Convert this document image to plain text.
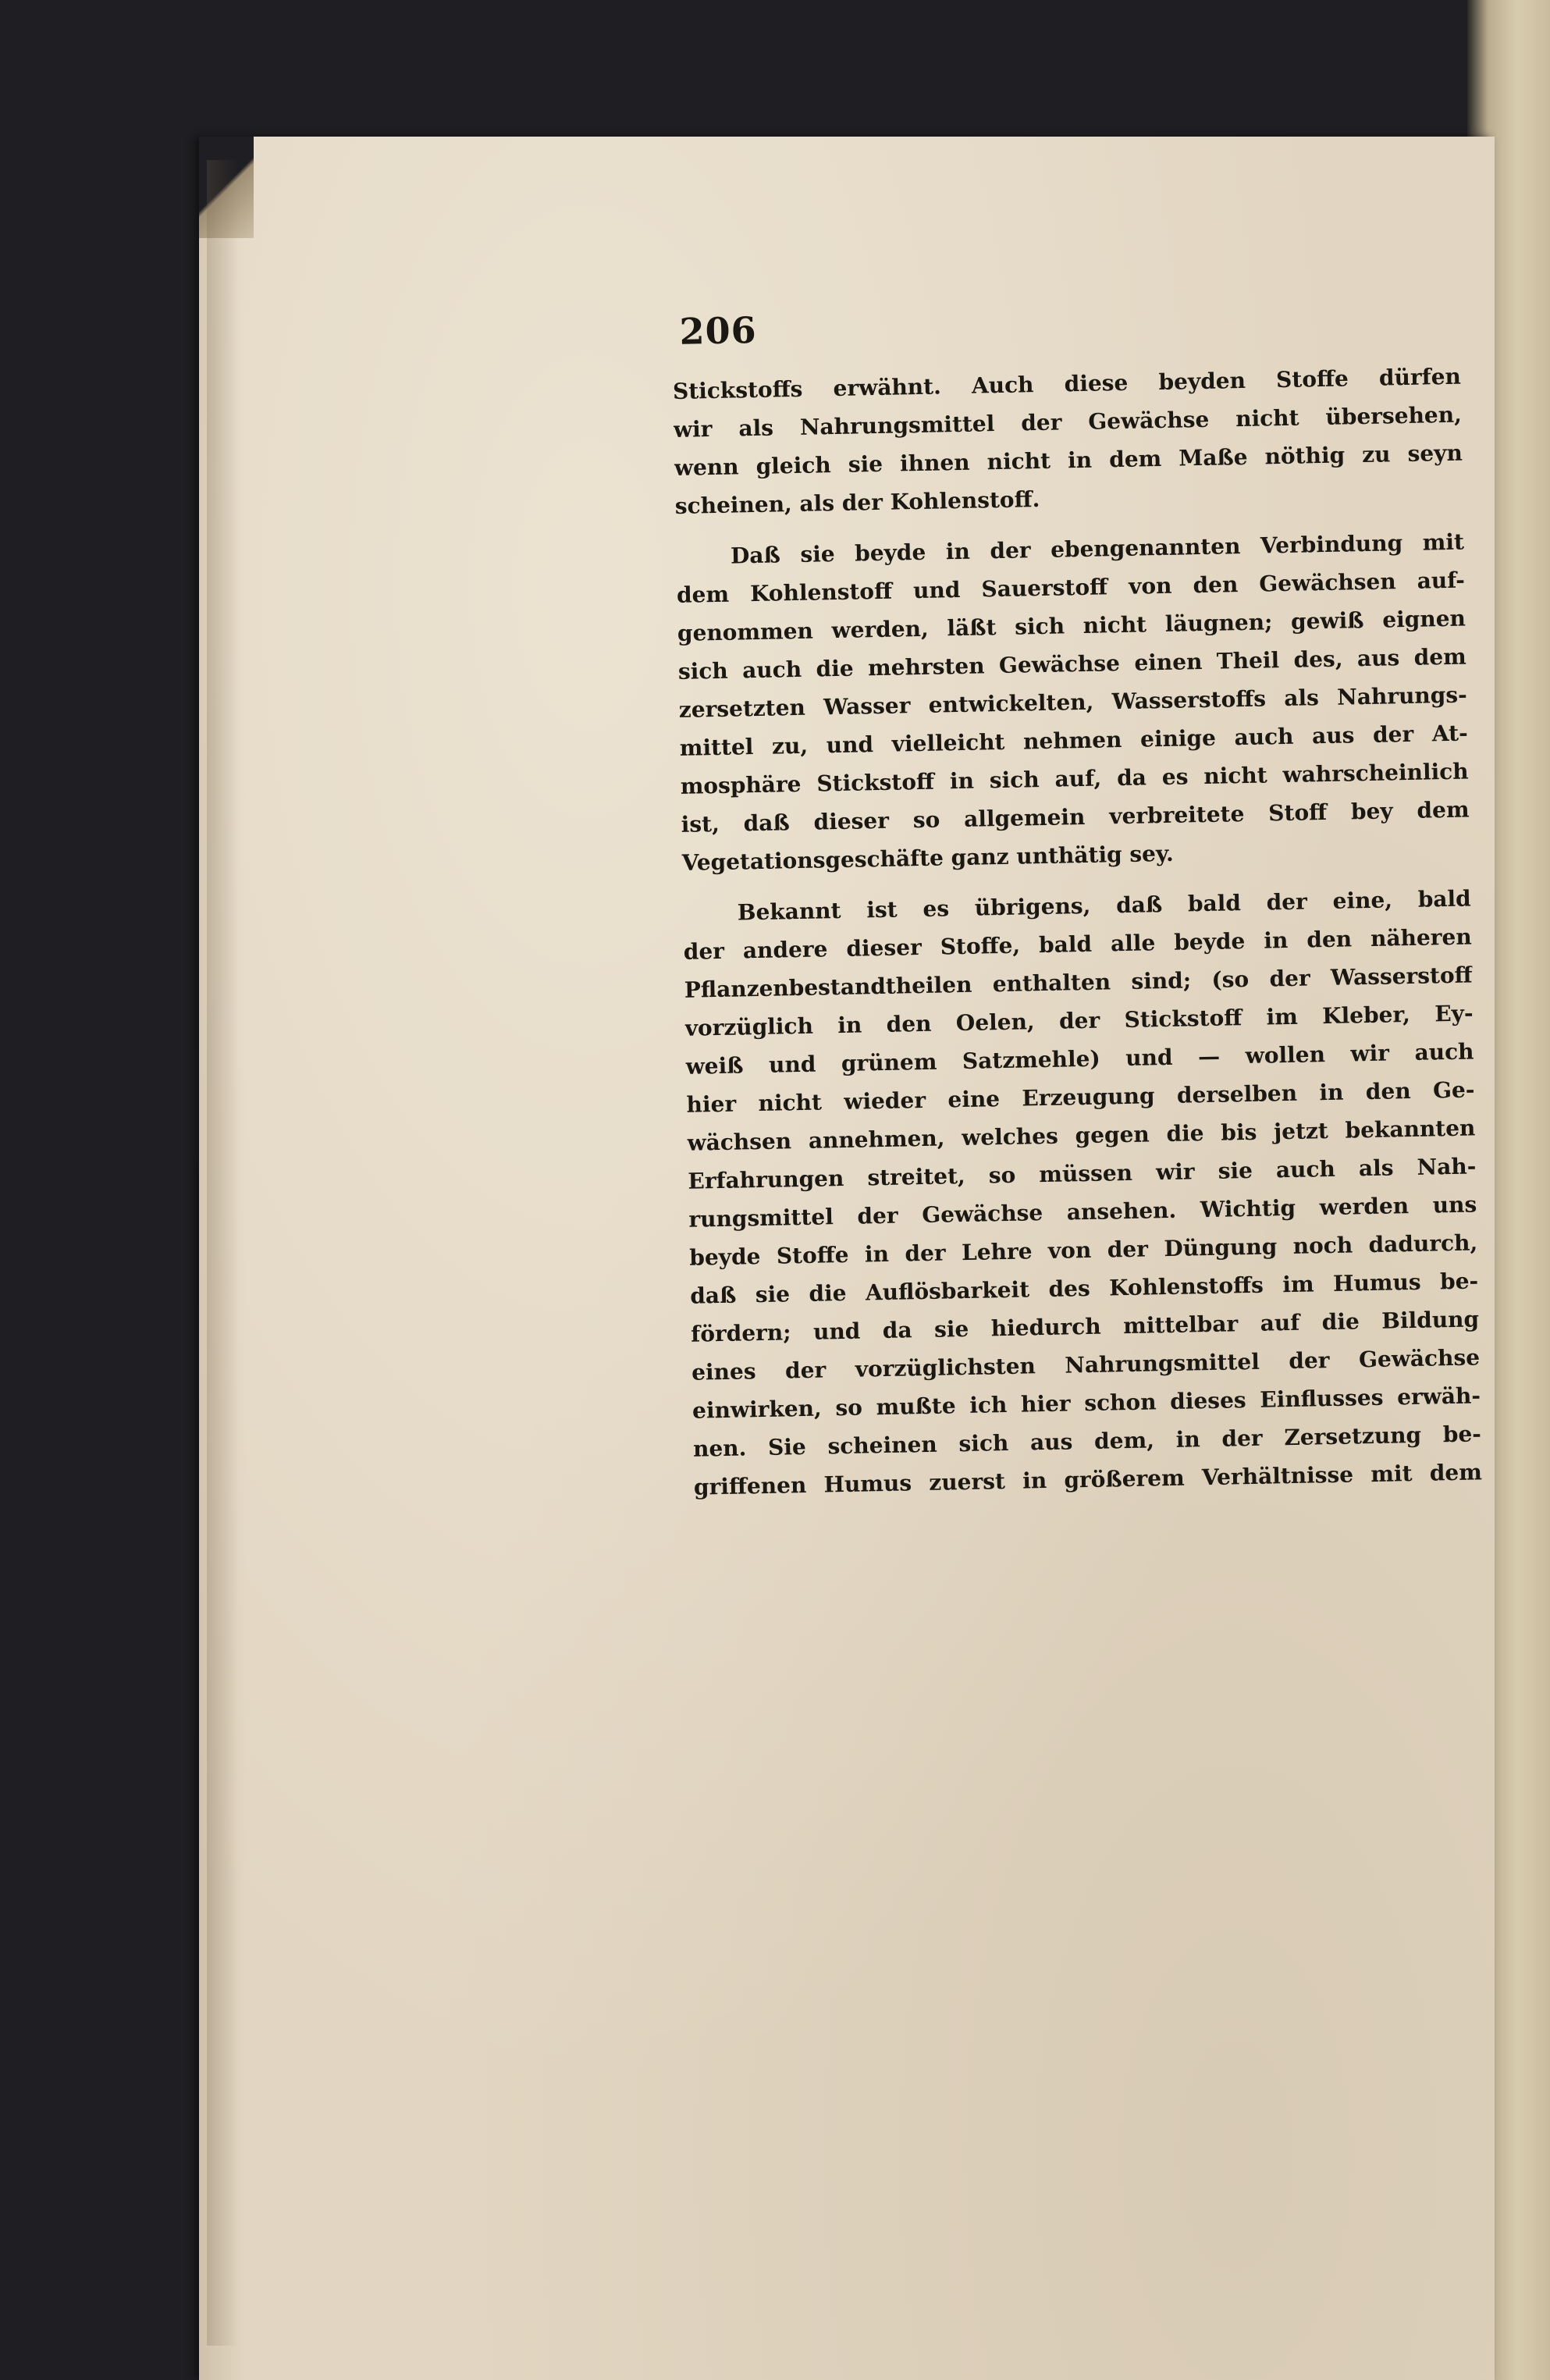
206
Stickstoffs erwähnt. Auch diese beyden Stoffe dürfen
wir als Nahrungsmittel der Gewächse nicht übersehen,
wenn gleich sie ihnen nicht in dem Maße nöthig zu seyn
scheinen, als der Kohlenstoff.
Daß sie beyde in der ebengenannten Verbindung mit
dem Kohlenstoff und Sauerstoff von den Gewächsen auf-
genommen werden, läßt sich nicht läugnen; gewiß eignen
sich auch die mehrsten Gewächse einen Theil des, aus dem
zersetzten Wasser entwickelten, Wasserstoffs als Nahrungs-
mittel zu, und vielleicht nehmen einige auch aus der At-
mosphäre Stickstoff in sich auf, da es nicht wahrscheinlich
ist, daß dieser so allgemein verbreitete Stoff bey dem
Vegetationsgeschäfte ganz unthätig sey.
Bekannt ist es übrigens, daß bald der eine, bald
der andere dieser Stoffe, bald alle beyde in den näheren
Pflanzenbestandtheilen enthalten sind; (so der Wasserstoff
vorzüglich in den Oelen, der Stickstoff im Kleber, Ey-
weiß und grünem Satzmehle) und — wollen wir auch
hier nicht wieder eine Erzeugung derselben in den Ge-
wächsen annehmen, welches gegen die bis jetzt bekannten
Erfahrungen streitet, so müssen wir sie auch als Nah-
rungsmittel der Gewächse ansehen. Wichtig werden uns
beyde Stoffe in der Lehre von der Düngung noch dadurch,
daß sie die Auflösbarkeit des Kohlenstoffs im Humus be-
fördern; und da sie hiedurch mittelbar auf die Bildung
eines der vorzüglichsten Nahrungsmittel der Gewächse
einwirken, so mußte ich hier schon dieses Einflusses erwäh-
nen. Sie scheinen sich aus dem, in der Zersetzung be-
griffenen Humus zuerst in größerem Verhältnisse mit dem
